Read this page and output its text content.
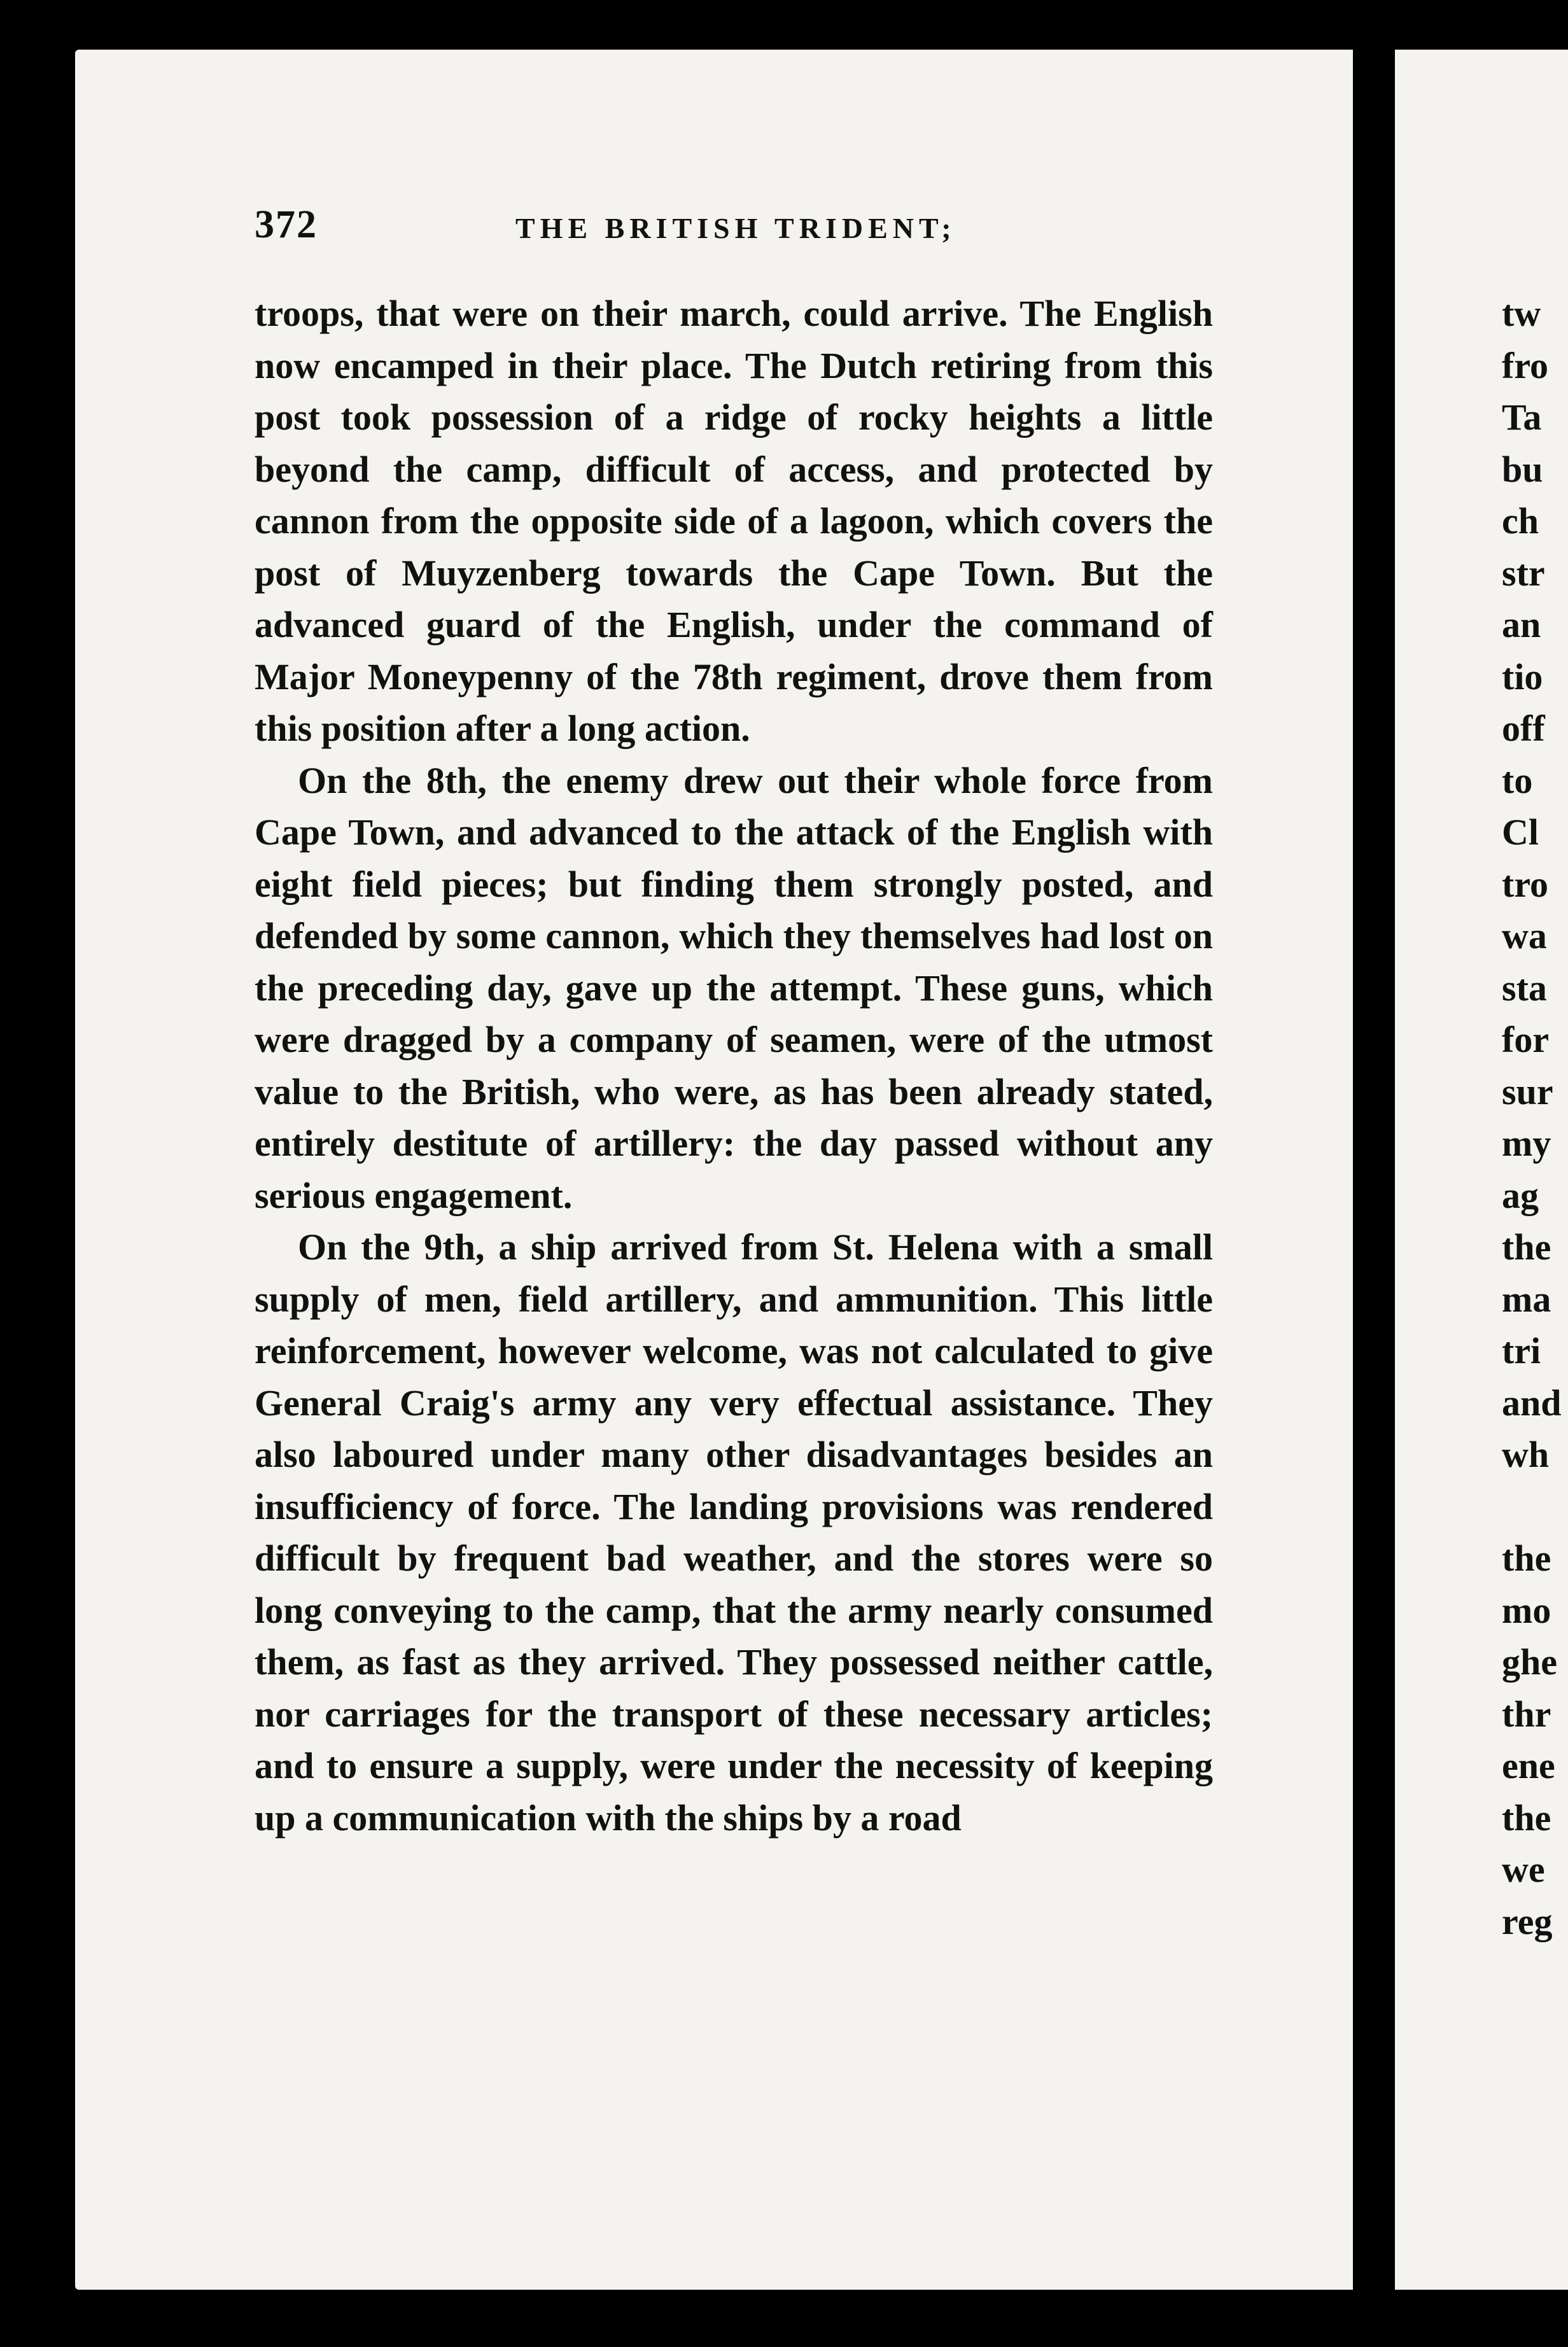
372	THE BRITISH TRIDENT;

troops, that were on their march, could arrive. The English now encamped in their place. The Dutch retiring from this post took possession of a ridge of rocky heights a little beyond the camp, difficult of access, and protected by cannon from the opposite side of a lagoon, which covers the post of Muyzenberg towards the Cape Town. But the advanced guard of the English, under the command of Major Moneypenny of the 78th regiment, drove them from this position after a long action.

On the 8th, the enemy drew out their whole force from Cape Town, and advanced to the attack of the English with eight field pieces; but finding them strongly posted, and defended by some cannon, which they themselves had lost on the preceding day, gave up the attempt. These guns, which were dragged by a company of seamen, were of the utmost value to the British, who were, as has been already stated, entirely destitute of artillery: the day passed without any serious engagement.

On the 9th, a ship arrived from St. Helena with a small supply of men, field artillery, and ammunition. This little reinforcement, however welcome, was not calculated to give General Craig's army any very effectual assistance. They also laboured under many other disadvantages besides an insufficiency of force. The landing provisions was rendered difficult by frequent bad weather, and the stores were so long conveying to the camp, that the army nearly consumed them, as fast as they arrived. They possessed neither cattle, nor carriages for the transport of these necessary articles; and to ensure a supply, were under the necessity of keeping up a communication with the ships by a road

tw
fro
Ta
bu
ch
str
an
tio
off
to
Cl
tro
wa
sta
for
sur
my
ag
the
ma
tri
and
wh
the
mo
ghe
thr
ene
the
we
reg
